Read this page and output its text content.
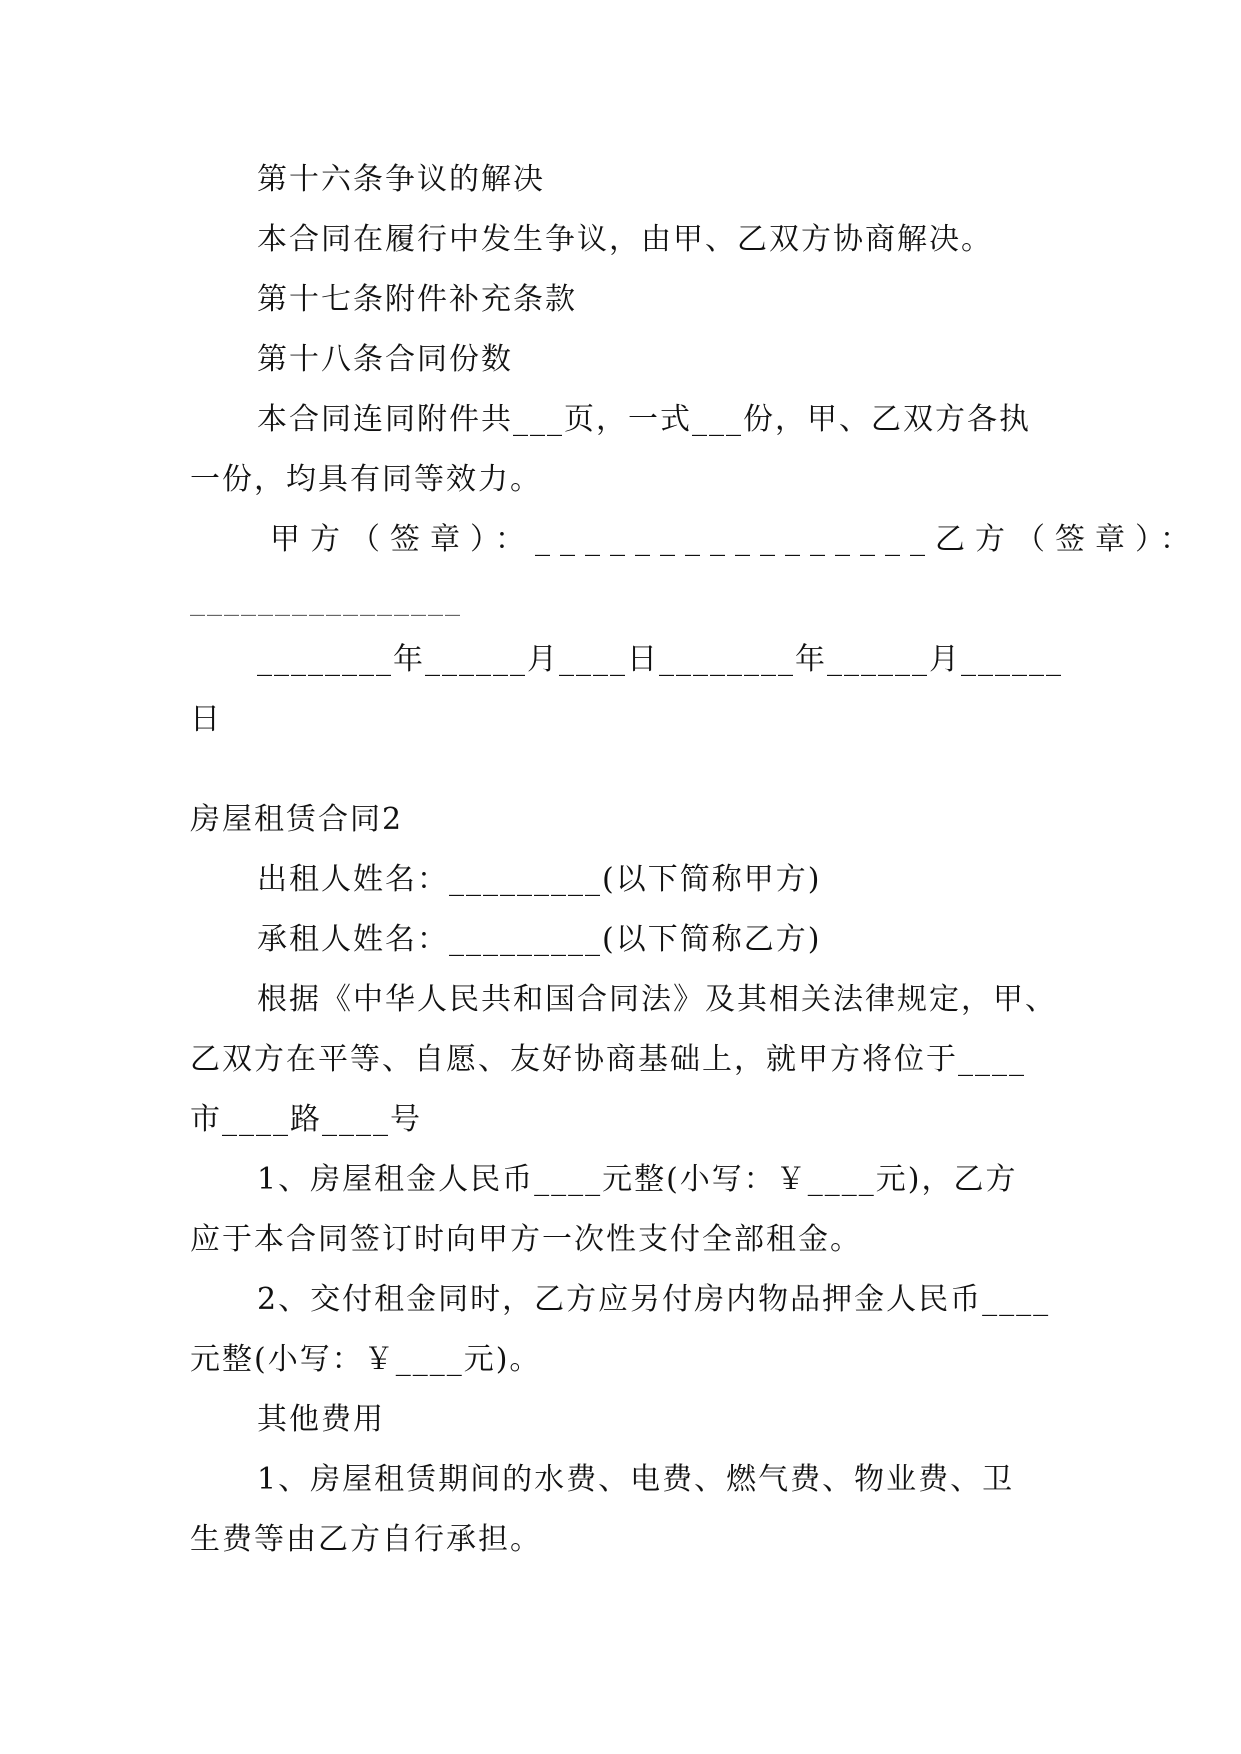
第十六条争议的解决

本合同在履行中发生争议，由甲、乙双方协商解决。

第十七条附件补充条款

第十八条合同份数

本合同连同附件共___页，一式___份，甲、乙双方各执

一份，均具有同等效力。

甲方（签章）：________________乙方（签章）：

________________

________年______月____日________年______月______

日

房屋租赁合同2

出租人姓名：_________(以下简称甲方)

承租人姓名：_________(以下简称乙方)

根据《中华人民共和国合同法》及其相关法律规定，甲、

乙双方在平等、自愿、友好协商基础上，就甲方将位于____

市____路____号

1、房屋租金人民币____元整(小写：￥____元)，乙方

应于本合同签订时向甲方一次性支付全部租金。

2、交付租金同时，乙方应另付房内物品押金人民币____

元整(小写：￥____元)。

其他费用

1、房屋租赁期间的水费、电费、燃气费、物业费、卫

生费等由乙方自行承担。
